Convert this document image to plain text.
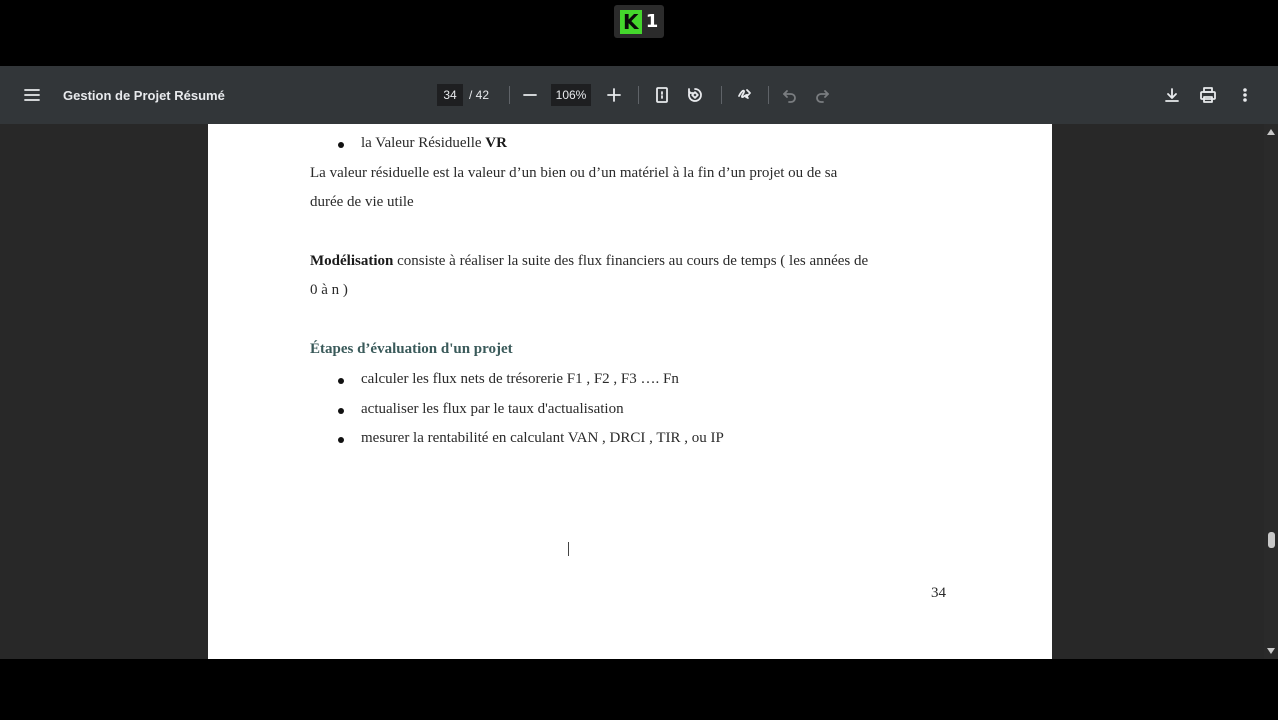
K 1
Gestion de Projet Résumé	34	/ 42	106%
la Valeur Résiduelle VR
La valeur résiduelle est la valeur d’un bien ou d’un matériel à la fin d’un projet ou de sa
durée de vie utile
Modélisation consiste à réaliser la suite des flux financiers au cours de temps ( les années de
0 à n )
Étapes d’évaluation d'un projet
calculer les flux nets de trésorerie F1 , F2 , F3 …. Fn
actualiser les flux par le taux d'actualisation
mesurer la rentabilité en calculant VAN , DRCI , TIR , ou IP
34
